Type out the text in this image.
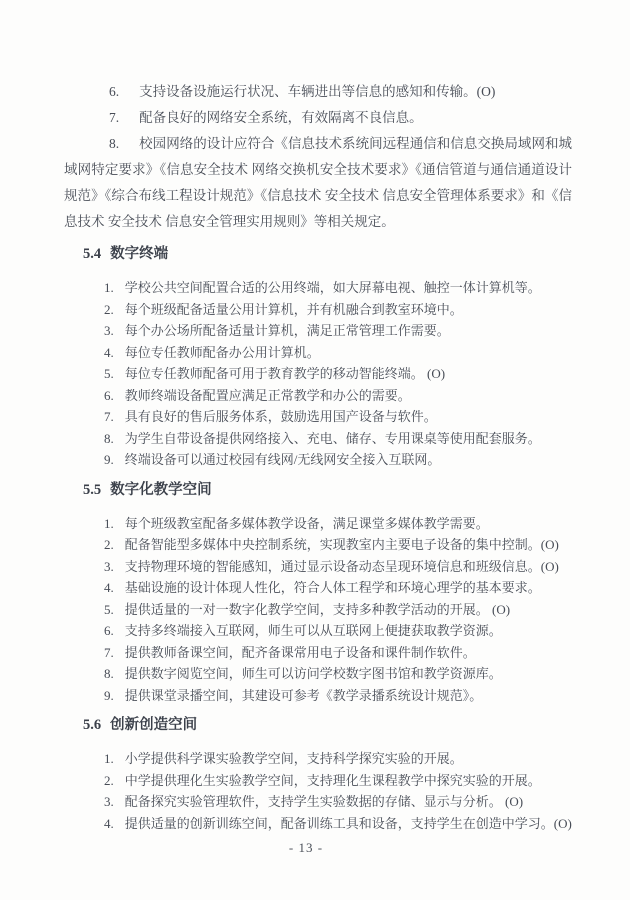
6. 支持设备设施运行状况、车辆进出等信息的感知和传输。(O)

7. 配备良好的网络安全系统，有效隔离不良信息。

8. 校园网络的设计应符合《信息技术系统间远程通信和信息交换局域网和城域网特定要求》《信息安全技术 网络交换机安全技术要求》《通信管道与通信通道设计规范》《综合布线工程设计规范》《信息技术 安全技术 信息安全管理体系要求》和《信息技术 安全技术 信息安全管理实用规则》等相关规定。

5.4 数字终端

1. 学校公共空间配置合适的公用终端，如大屏幕电视、触控一体计算机等。

2. 每个班级配备适量公用计算机，并有机融合到教室环境中。

3. 每个办公场所配备适量计算机，满足正常管理工作需要。

4. 每位专任教师配备办公用计算机。

5. 每位专任教师配备可用于教育教学的移动智能终端。 (O)

6. 教师终端设备配置应满足正常教学和办公的需要。

7. 具有良好的售后服务体系，鼓励选用国产设备与软件。

8. 为学生自带设备提供网络接入、充电、储存、专用课桌等使用配套服务。

9. 终端设备可以通过校园有线网/无线网安全接入互联网。

5.5 数字化教学空间

1. 每个班级教室配备多媒体教学设备，满足课堂多媒体教学需要。

2. 配备智能型多媒体中央控制系统，实现教室内主要电子设备的集中控制。(O)

3. 支持物理环境的智能感知，通过显示设备动态呈现环境信息和班级信息。(O)

4. 基础设施的设计体现人性化，符合人体工程学和环境心理学的基本要求。

5. 提供适量的一对一数字化教学空间，支持多种教学活动的开展。 (O)

6. 支持多终端接入互联网，师生可以从互联网上便捷获取教学资源。

7. 提供教师备课空间，配齐备课常用电子设备和课件制作软件。

8. 提供数字阅览空间，师生可以访问学校数字图书馆和教学资源库。

9. 提供课堂录播空间，其建设可参考《教学录播系统设计规范》。

5.6 创新创造空间

1. 小学提供科学课实验教学空间，支持科学探究实验的开展。

2. 中学提供理化生实验教学空间，支持理化生课程教学中探究实验的开展。

3. 配备探究实验管理软件，支持学生实验数据的存储、显示与分析。 (O)

4. 提供适量的创新训练空间，配备训练工具和设备，支持学生在创造中学习。(O)

- 13 -
